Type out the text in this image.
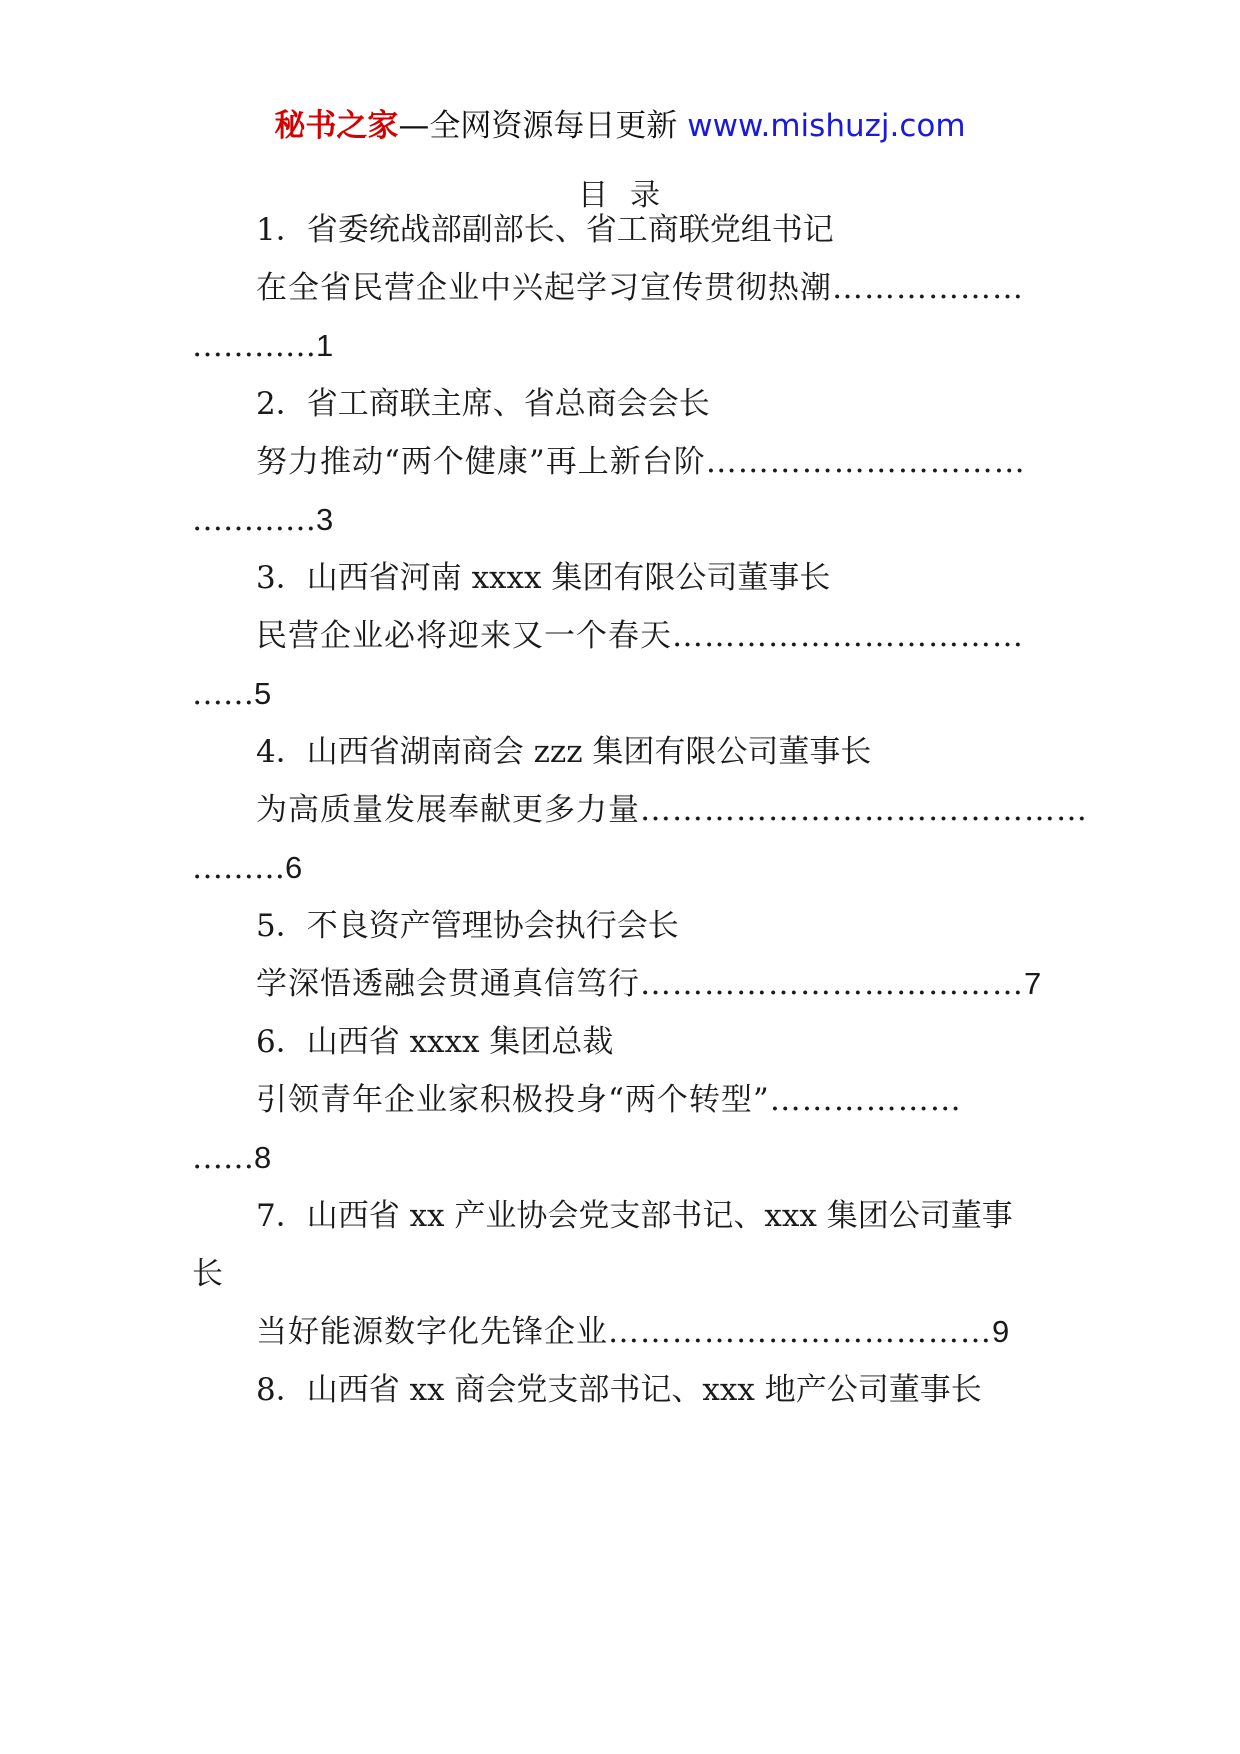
秘书之家—全网资源每日更新 www.mishuzj.com
目录
1．省委统战部副部长、省工商联党组书记
在全省民营企业中兴起学习宣传贯彻热潮………………
…………1
2．省工商联主席、省总商会会长
努力推动“两个健康”再上新台阶…………………………
…………3
3．山西省河南 xxxx 集团有限公司董事长
民营企业必将迎来又一个春天……………………………
……5
4．山西省湖南商会 zzz 集团有限公司董事长
为高质量发展奉献更多力量……………………………………
………6
5．不良资产管理协会执行会长
学深悟透融会贯通真信笃行………………………………7
6．山西省 xxxx 集团总裁
引领青年企业家积极投身“两个转型”………………
……8
7．山西省 xx 产业协会党支部书记、xxx 集团公司董事
长
当好能源数字化先锋企业………………………………9
8．山西省 xx 商会党支部书记、xxx 地产公司董事长
